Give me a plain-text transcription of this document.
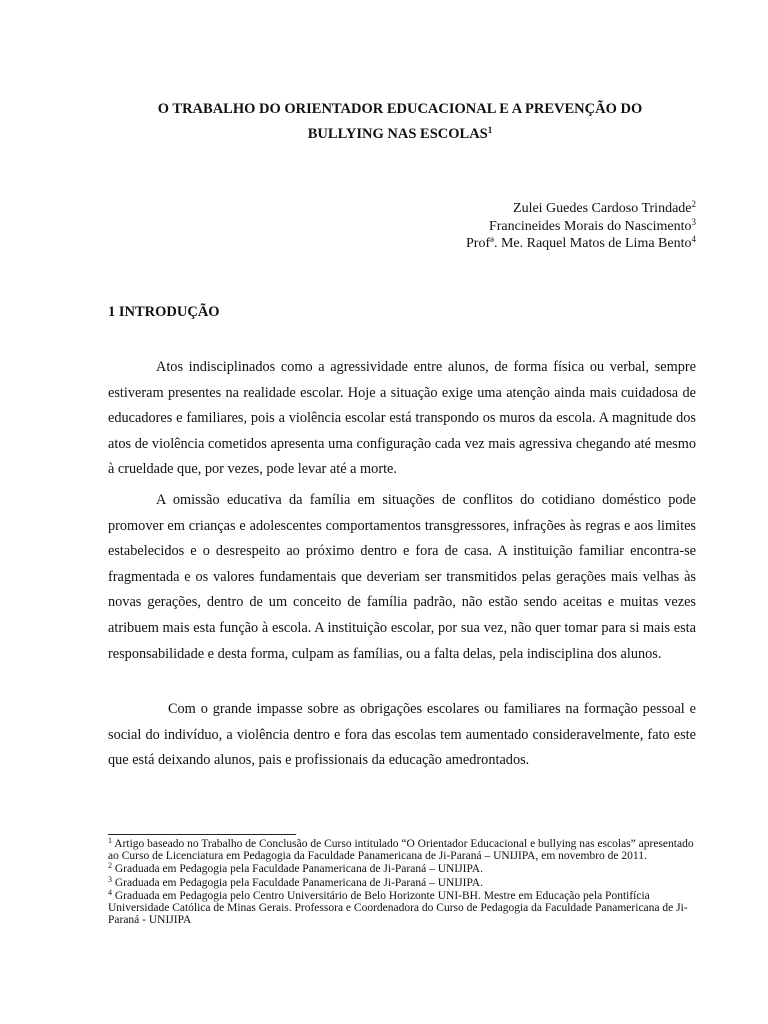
O TRABALHO DO ORIENTADOR EDUCACIONAL E A PREVENÇÃO DO
BULLYING NAS ESCOLAS$^1$
Zulei Guedes Cardoso Trindade$^2$
Francineides Morais do Nascimento$^3$
Profª. Me. Raquel Matos de Lima Bento$^4$
1 INTRODUÇÃO

Atos indisciplinados como a agressividade entre alunos, de forma física ou verbal, sempre estiveram presentes na realidade escolar. Hoje a situação exige uma atenção ainda mais cuidadosa de educadores e familiares, pois a violência escolar está transpondo os muros da escola. A magnitude dos atos de violência cometidos apresenta uma configuração cada vez mais agressiva chegando até mesmo à crueldade que, por vezes, pode levar até a morte.

A omissão educativa da família em situações de conflitos do cotidiano doméstico pode promover em crianças e adolescentes comportamentos transgressores, infrações às regras e aos limites estabelecidos e o desrespeito ao próximo dentro e fora de casa. A instituição familiar encontra-se fragmentada e os valores fundamentais que deveriam ser transmitidos pelas gerações mais velhas às novas gerações, dentro de um conceito de família padrão, não estão sendo aceitas e muitas vezes atribuem mais esta função à escola. A instituição escolar, por sua vez, não quer tomar para si mais esta responsabilidade e desta forma, culpam as famílias, ou a falta delas, pela indisciplina dos alunos.

Com o grande impasse sobre as obrigações escolares ou familiares na formação pessoal e social do indivíduo, a violência dentro e fora das escolas tem aumentado consideravelmente, fato este que está deixando alunos, pais e profissionais da educação amedrontados.

$^1$ Artigo baseado no Trabalho de Conclusão de Curso intitulado “O Orientador Educacional e bullying nas escolas” apresentado ao Curso de Licenciatura em Pedagogia da Faculdade Panamericana de Ji-Paraná – UNIJIPA, em novembro de 2011.

$^2$ Graduada em Pedagogia pela Faculdade Panamericana de Ji-Paraná – UNIJIPA.

$^3$ Graduada em Pedagogia pela Faculdade Panamericana de Ji-Paraná – UNIJIPA.

$^4$ Graduada em Pedagogia pelo Centro Universitário de Belo Horizonte UNI-BH. Mestre em Educação pela Pontifícia Universidade Católica de Minas Gerais. Professora e Coordenadora do Curso de Pedagogia da Faculdade Panamericana de Ji-Paraná - UNIJIPA
